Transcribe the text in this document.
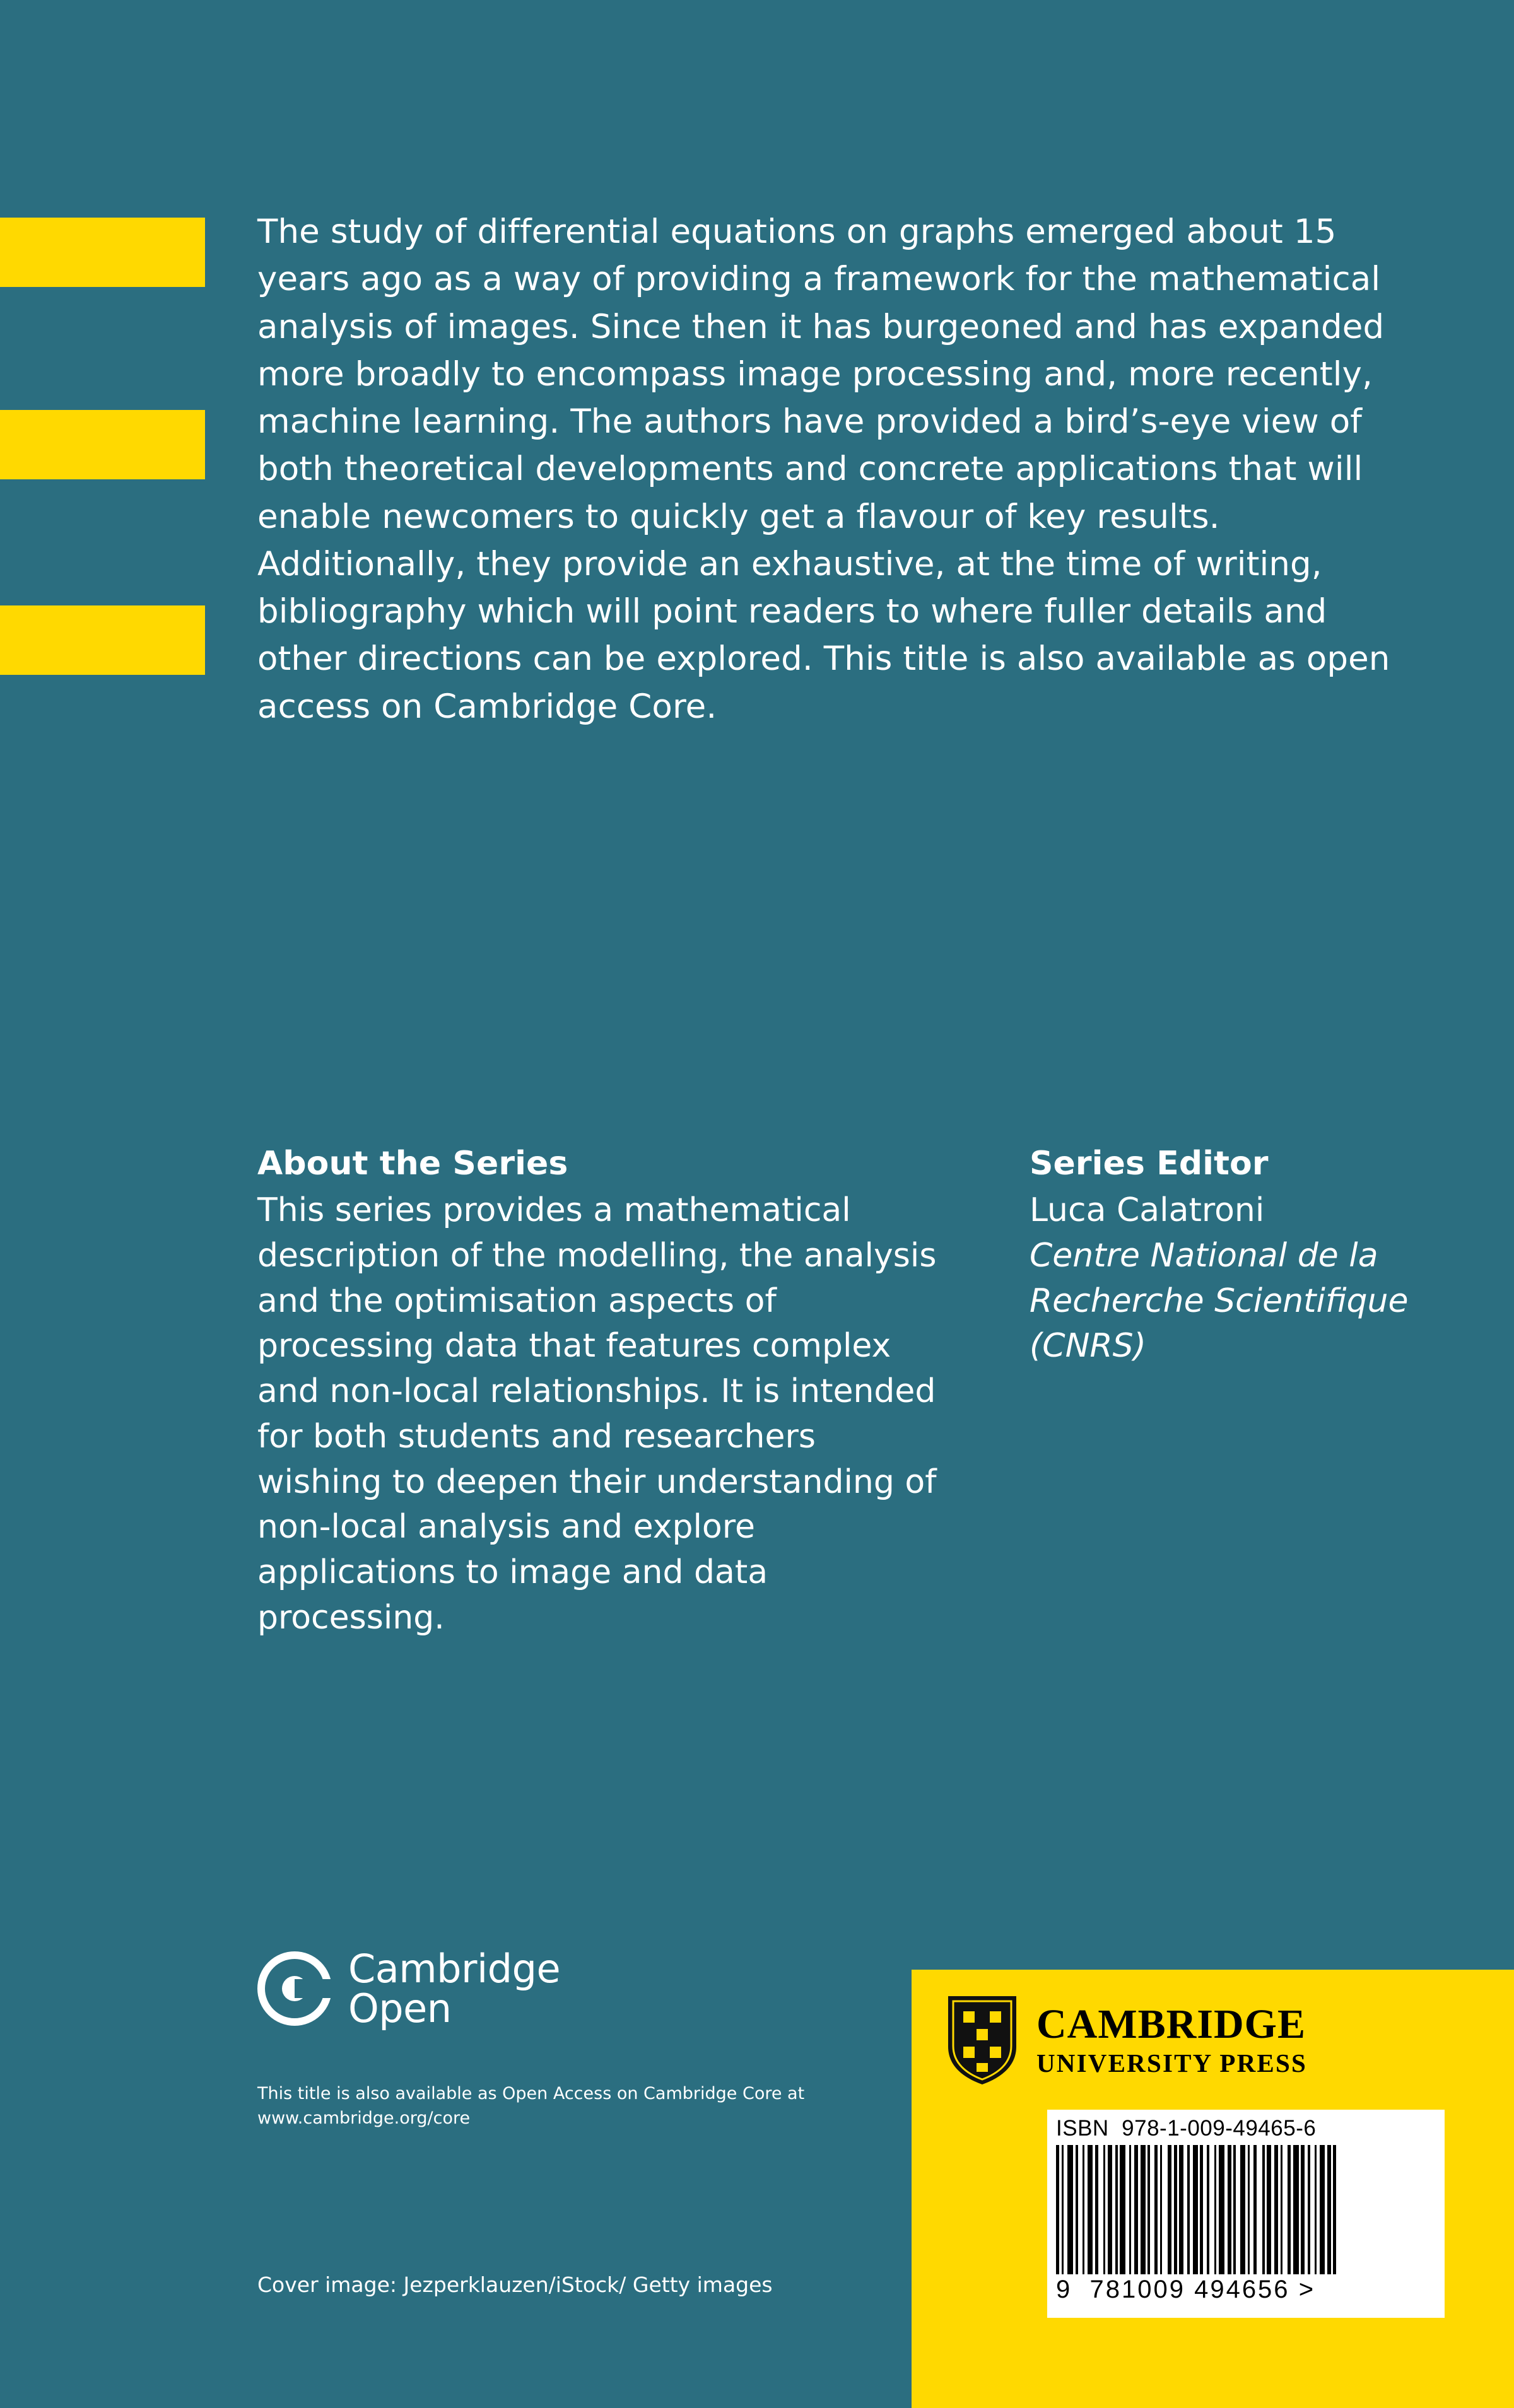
The study of differential equations on graphs emerged about 15 years ago as a way of providing a framework for the mathematical analysis of images. Since then it has burgeoned and has expanded more broadly to encompass image processing and, more recently, machine learning. The authors have provided a bird’s-eye view of both theoretical developments and concrete applications that will enable newcomers to quickly get a flavour of key results. Additionally, they provide an exhaustive, at the time of writing, bibliography which will point readers to where fuller details and other directions can be explored. This title is also available as open access on Cambridge Core.

About the Series

This series provides a mathematical description of the modelling, the analysis and the optimisation aspects of processing data that features complex and non-local relationships. It is intended for both students and researchers wishing to deepen their understanding of non-local analysis and explore applications to image and data processing.

Series Editor

Luca Calatroni

Centre National de la Recherche Scientifique (CNRS)

Cambridge
Open
This title is also available as Open Access on Cambridge Core at www.cambridge.org/core
Cover image: Jezperklauzen/iStock/ Getty images
CAMBRIDGE
UNIVERSITY PRESS
ISBN 978-1-009-49465-6
9 781009 494656 >
